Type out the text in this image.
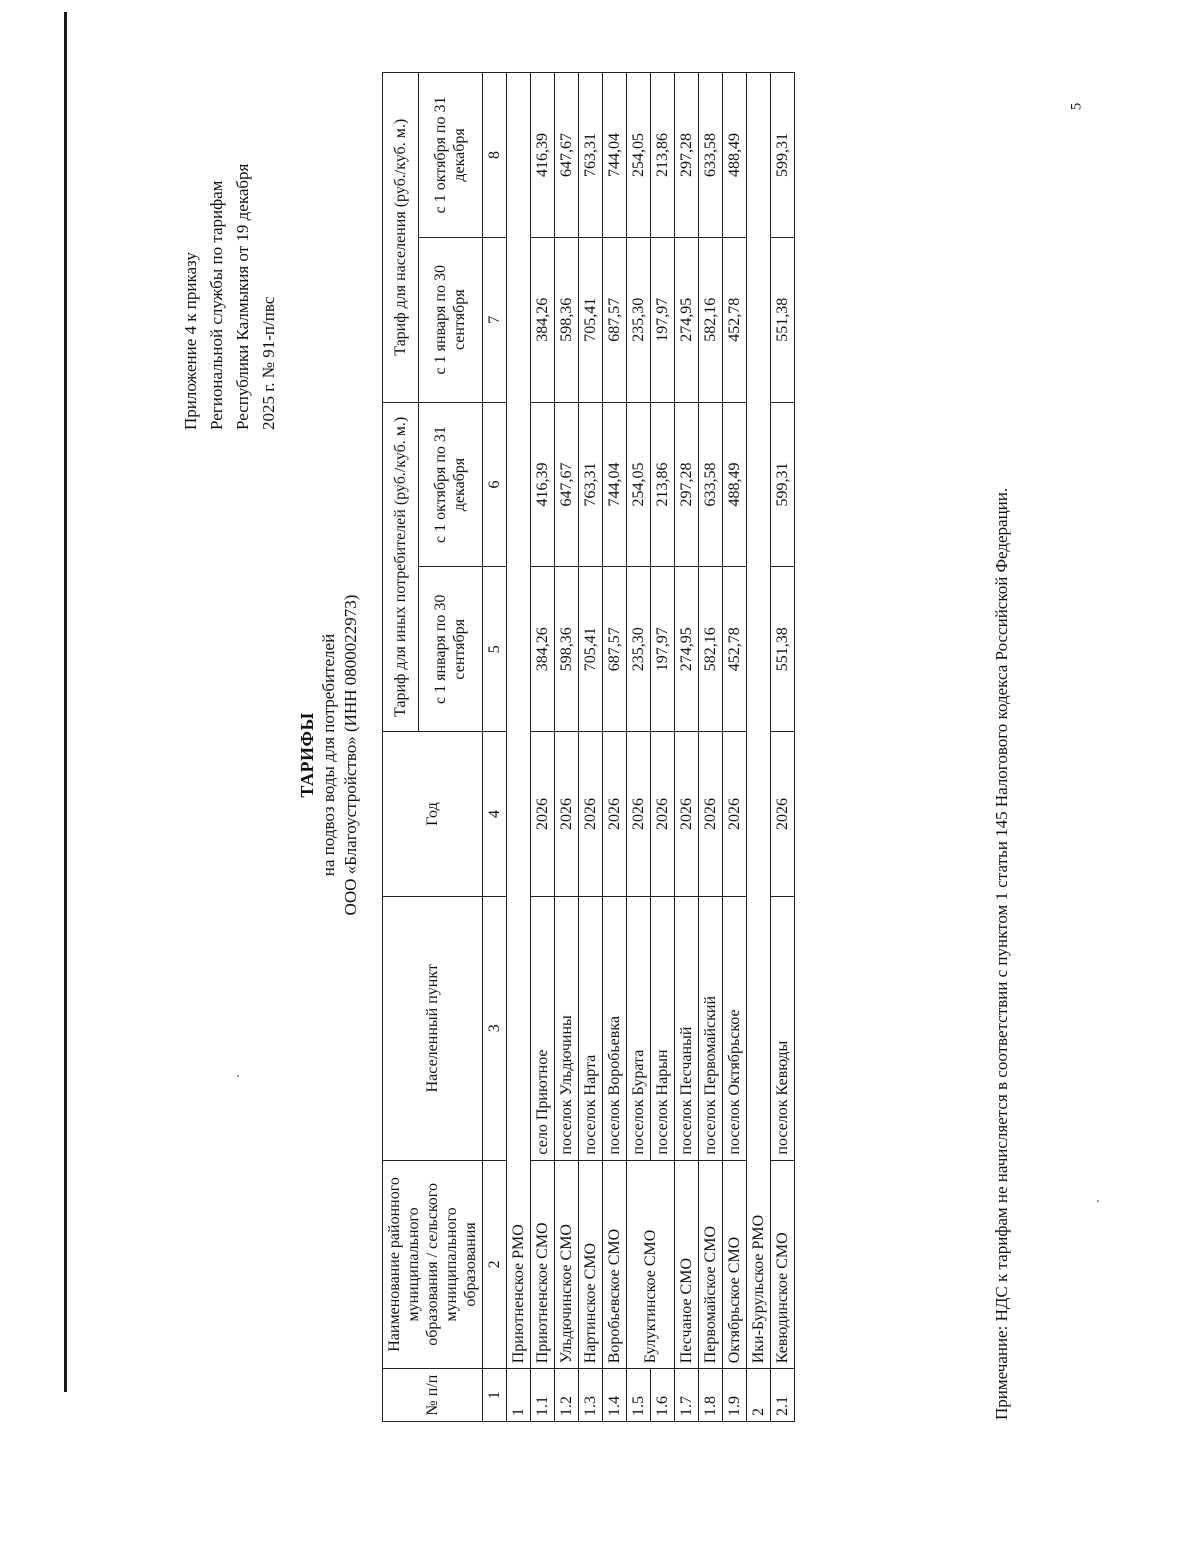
5
Приложение 4 к приказу Региональной службы по тарифам Республики Калмыкия от 19 декабря 2025 г. № 91-п/пвс
ТАРИФЫ на подвоз воды для потребителей ООО «Благоустройство» (ИНН 0800022973)
№ п/п	Наименование районного муниципального образования / сельского муниципального образования	Населенный пункт	Год	Тариф для иных потребителей (руб./куб. м.)		Тариф для населения (руб./куб. м.)	
				с 1 января по 30 сентября	с 1 октября по 31 декабря	с 1 января по 30 сентября	с 1 октября по 31 декабря
1	2	3	4	5	6	7	8
1	Приютненское РМО						
1.1	Приютненское СМО	село Приютное	2026	384,26	416,39	384,26	416,39
1.2	Ульдючинское СМО	поселок Ульдючины	2026	598,36	647,67	598,36	647,67
1.3	Нартинское СМО	поселок Нарта	2026	705,41	763,31	705,41	763,31
1.4	Воробьевское СМО	поселок Воробьевка	2026	687,57	744,04	687,57	744,04
1.5	Булуктинское СМО	поселок Бурата	2026	235,30	254,05	235,30	254,05
1.6		поселок Нарын	2026	197,97	213,86	197,97	213,86
1.7	Песчаное СМО	поселок Песчаный	2026	274,95	297,28	274,95	297,28
1.8	Первомайское СМО	поселок Первомайский	2026	582,16	633,58	582,16	633,58
1.9	Октябрьское СМО	поселок Октябрьское	2026	452,78	488,49	452,78	488,49
2	Ики-Бурульское РМО						
2.1	Кевюдинское СМО	поселок Кевюды	2026	551,38	599,31	551,38	599,31
Примечание: НДС к тарифам не начисляется в соответствии с пунктом 1 статьи 145 Налогового кодекса Российской Федерации.
